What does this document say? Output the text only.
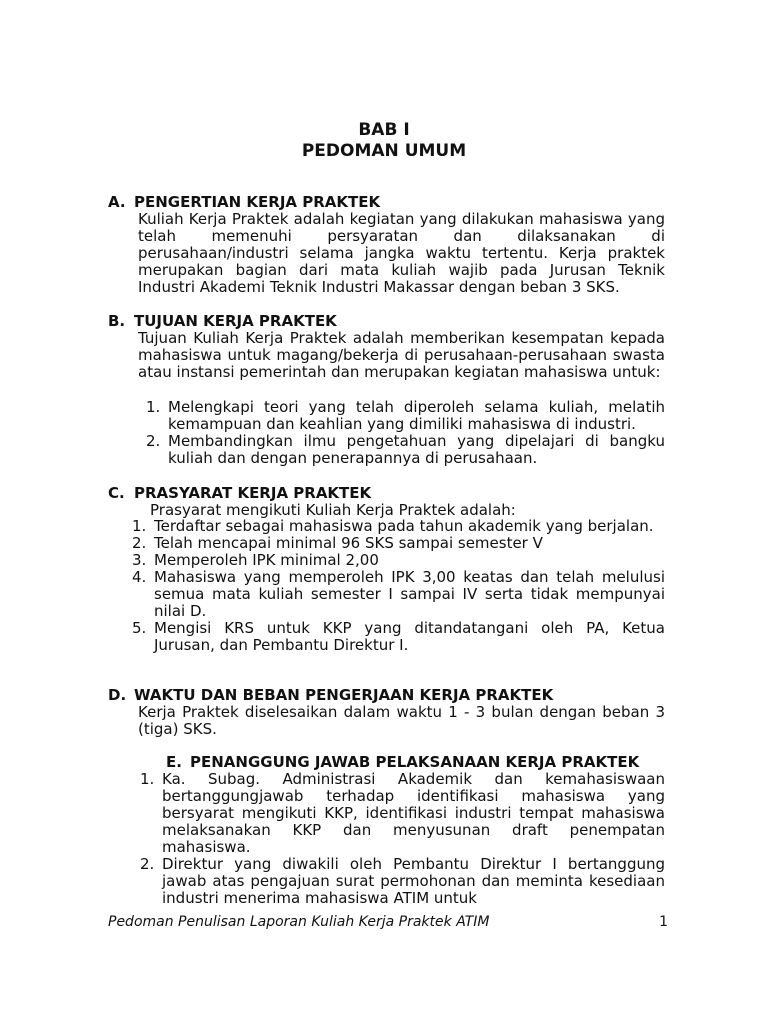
BAB I
PEDOMAN UMUM
A. PENGERTIAN KERJA PRAKTEK
Kuliah Kerja Praktek adalah kegiatan yang dilakukan mahasiswa yang telah memenuhi persyaratan dan dilaksanakan di perusahaan/industri selama jangka waktu tertentu. Kerja praktek merupakan bagian dari mata kuliah wajib pada Jurusan Teknik Industri Akademi Teknik Industri Makassar dengan beban 3 SKS.
B. TUJUAN KERJA PRAKTEK
Tujuan Kuliah Kerja Praktek adalah memberikan kesempatan kepada mahasiswa untuk magang/bekerja di perusahaan-perusahaan swasta atau instansi pemerintah dan merupakan kegiatan mahasiswa untuk:
1. Melengkapi teori yang telah diperoleh selama kuliah, melatih kemampuan dan keahlian yang dimiliki mahasiswa di industri.
2. Membandingkan ilmu pengetahuan yang dipelajari di bangku kuliah dan dengan penerapannya di perusahaan.
C. PRASYARAT KERJA PRAKTEK
Prasyarat mengikuti Kuliah Kerja Praktek adalah:
1. Terdaftar sebagai mahasiswa pada tahun akademik yang berjalan.
2. Telah mencapai minimal 96 SKS sampai semester V
3. Memperoleh IPK minimal 2,00
4. Mahasiswa yang memperoleh IPK 3,00 keatas dan telah melulusi semua mata kuliah semester I sampai IV serta tidak mempunyai nilai D.
5. Mengisi KRS untuk KKP yang ditandatangani oleh PA, Ketua Jurusan, dan Pembantu Direktur I.
D. WAKTU DAN BEBAN PENGERJAAN KERJA PRAKTEK
Kerja Praktek diselesaikan dalam waktu 1 - 3 bulan dengan beban 3 (tiga) SKS.
E. PENANGGUNG JAWAB PELAKSANAAN KERJA PRAKTEK
1. Ka. Subag. Administrasi Akademik dan kemahasiswaan bertanggungjawab terhadap identifikasi mahasiswa yang bersyarat mengikuti KKP, identifikasi industri tempat mahasiswa melaksanakan KKP dan menyusunan draft penempatan mahasiswa.
2. Direktur yang diwakili oleh Pembantu Direktur I bertanggung jawab atas pengajuan surat permohonan dan meminta kesediaan industri menerima mahasiswa ATIM untuk
Pedoman Penulisan Laporan Kuliah Kerja Praktek ATIM	1
